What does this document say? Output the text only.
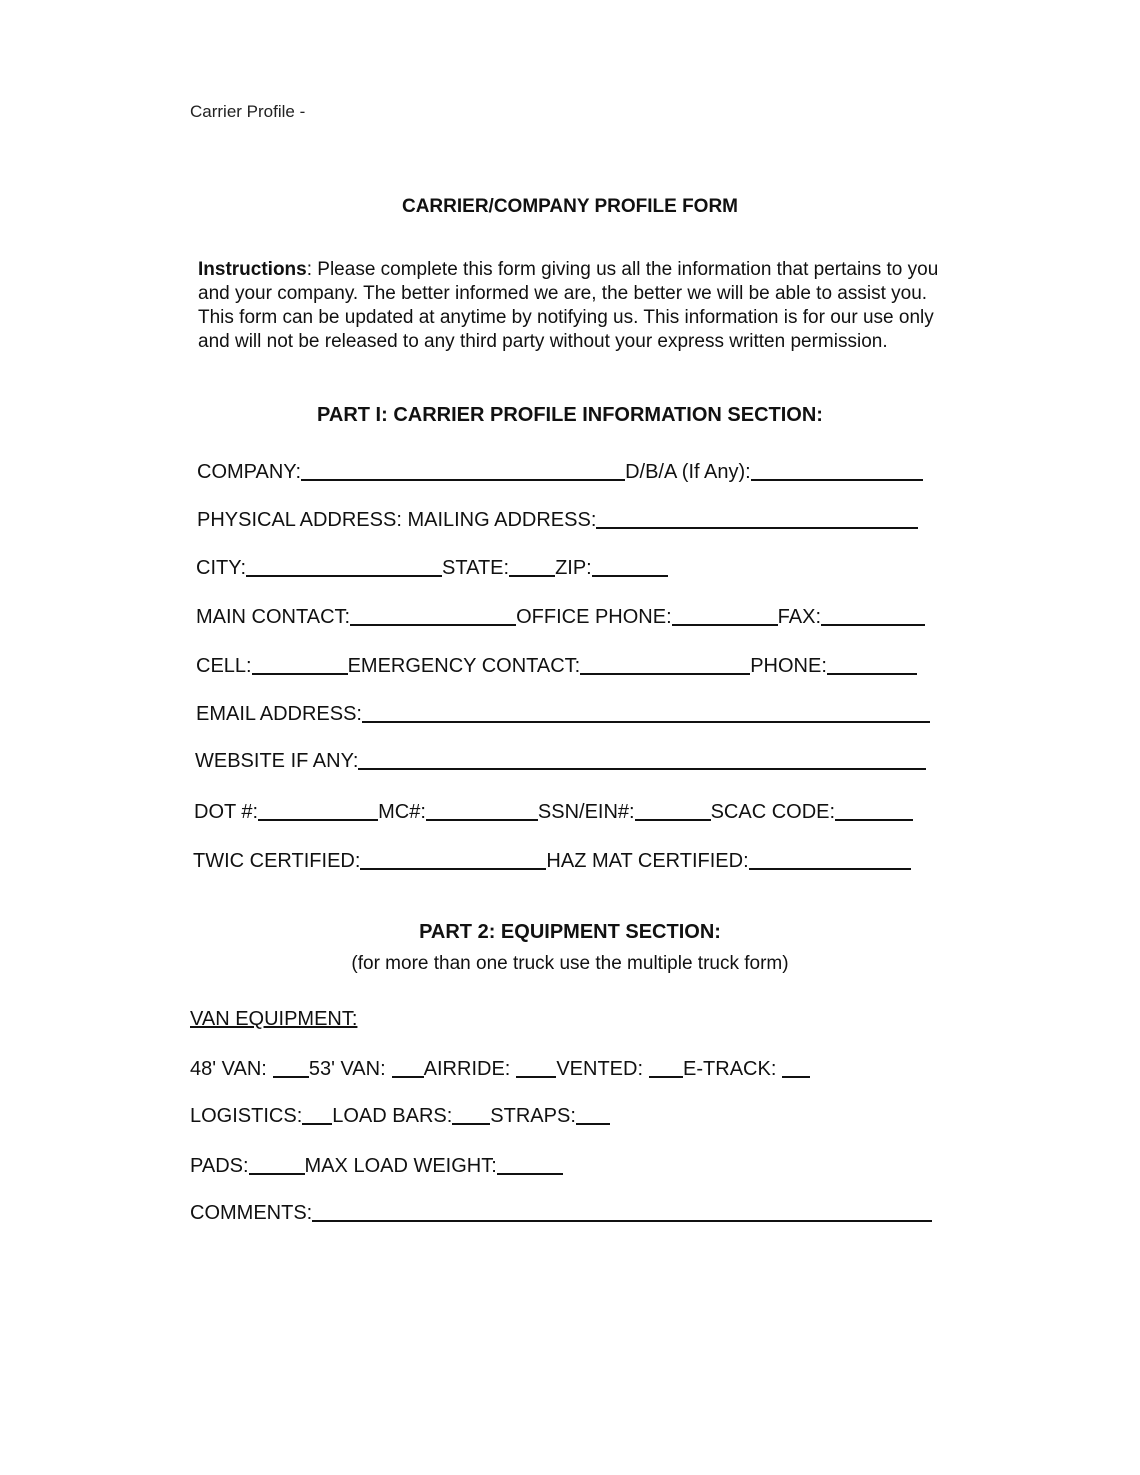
Carrier Profile -
CARRIER/COMPANY PROFILE FORM
Instructions: Please complete this form giving us all the information that pertains to you and your company. The better informed we are, the better we will be able to assist you. This form can be updated at anytime by notifying us. This information is for our use only and will not be released to any third party without your express written permission.
PART I: CARRIER PROFILE INFORMATION SECTION:
COMPANY:	D/B/A (If Any):
PHYSICAL ADDRESS: MAILING ADDRESS:
CITY:	STATE: ZIP:
MAIN CONTACT:	OFFICE PHONE:	FAX:
CELL:	EMERGENCY CONTACT:	PHONE:
EMAIL ADDRESS:
WEBSITE IF ANY:
DOT #:	MC#:	SSN/EIN#:	SCAC CODE:
TWIC CERTIFIED:	HAZ MAT CERTIFIED:
PART 2: EQUIPMENT SECTION:
(for more than one truck use the multiple truck form)
VAN EQUIPMENT:
48' VAN: 53' VAN: AIRRIDE: VENTED: E-TRACK:
LOGISTICS: LOAD BARS: STRAPS:
PADS:	MAX LOAD WEIGHT:
COMMENTS:
